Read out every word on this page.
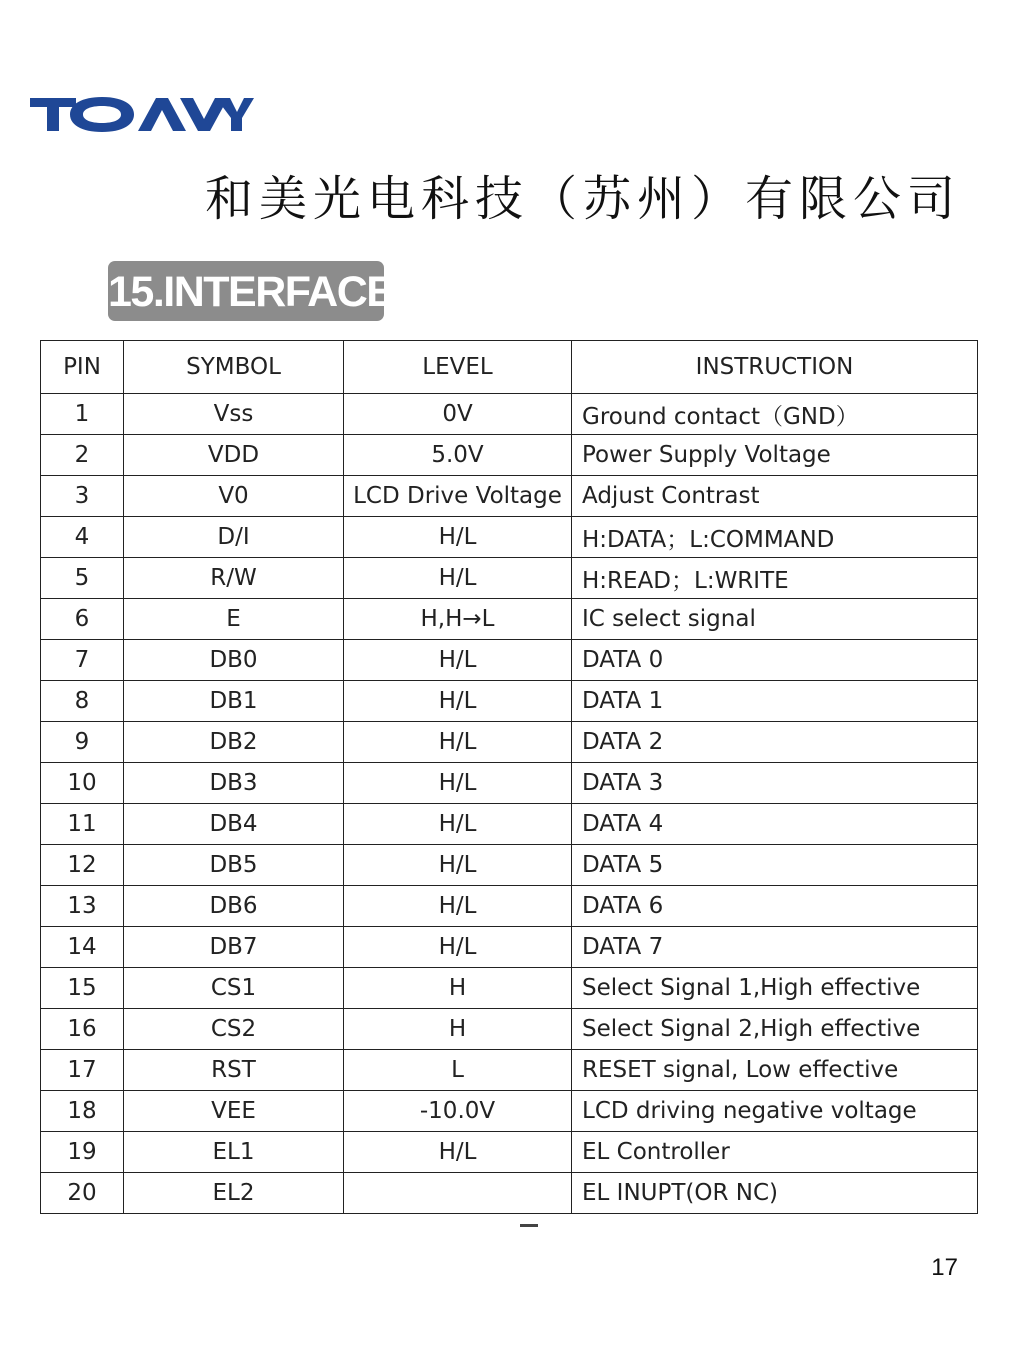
和美光电科技（苏州）有限公司
15.INTERFACE
PIN	SYMBOL	LEVEL	INSTRUCTION
1	Vss	0V	Ground contact（GND）
2	VDD	5.0V	Power Supply Voltage
3	V0	LCD Drive Voltage	Adjust Contrast
4	D/I	H/L	H:DATA；L:COMMAND
5	R/W	H/L	H:READ；L:WRITE
6	E	H,H→L	IC select signal
7	DB0	H/L	DATA 0
8	DB1	H/L	DATA 1
9	DB2	H/L	DATA 2
10	DB3	H/L	DATA 3
11	DB4	H/L	DATA 4
12	DB5	H/L	DATA 5
13	DB6	H/L	DATA 6
14	DB7	H/L	DATA 7
15	CS1	H	Select Signal 1,High effective
16	CS2	H	Select Signal 2,High effective
17	RST	L	RESET signal, Low effective
18	VEE	-10.0V	LCD driving negative voltage
19	EL1	H/L	EL Controller
20	EL2		EL INUPT(OR NC)
17
